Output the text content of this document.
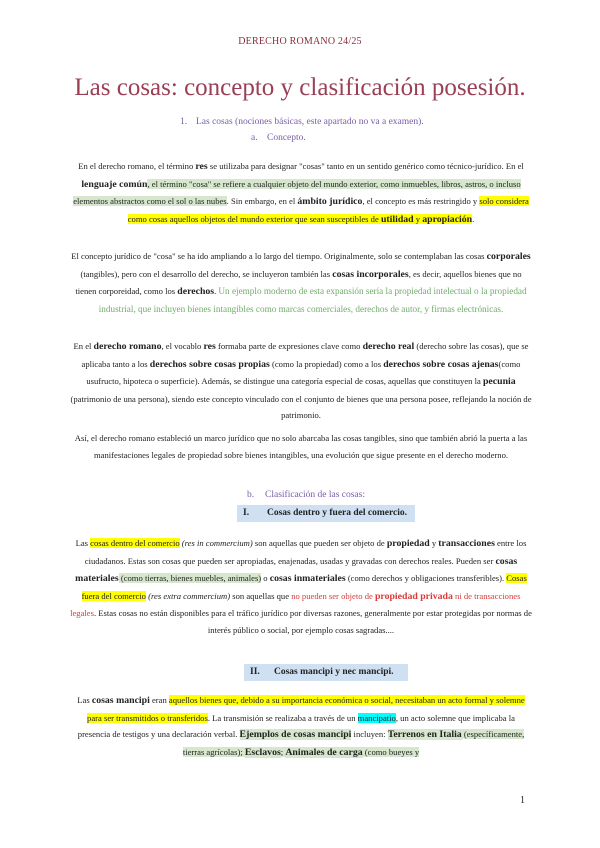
DERECHO ROMANO 24/25
Las cosas: concepto y clasificación posesión.
1. Las cosas (nociones básicas, este apartado no va a examen).
a. Concepto.

En el derecho romano, el término res se utilizaba para designar "cosas" tanto en un sentido genérico como técnico-jurídico. En el lenguaje común, el término "cosa" se refiere a cualquier objeto del mundo exterior, como inmuebles, libros, astros, o incluso elementos abstractos como el sol o las nubes. Sin embargo, en el ámbito jurídico, el concepto es más restringido y solo considera como cosas aquellos objetos del mundo exterior que sean susceptibles de utilidad y apropiación.

El concepto jurídico de "cosa" se ha ido ampliando a lo largo del tiempo. Originalmente, solo se contemplaban las cosas corporales (tangibles), pero con el desarrollo del derecho, se incluyeron también las cosas incorporales, es decir, aquellos bienes que no tienen corporeidad, como los derechos. Un ejemplo moderno de esta expansión sería la propiedad intelectual o la propiedad industrial, que incluyen bienes intangibles como marcas comerciales, derechos de autor, y firmas electrónicas.

En el derecho romano, el vocablo res formaba parte de expresiones clave como derecho real (derecho sobre las cosas), que se aplicaba tanto a los derechos sobre cosas propias (como la propiedad) como a los derechos sobre cosas ajenas(como usufructo, hipoteca o superficie). Además, se distingue una categoría especial de cosas, aquellas que constituyen la pecunia (patrimonio de una persona), siendo este concepto vinculado con el conjunto de bienes que una persona posee, reflejando la noción de patrimonio.

Así, el derecho romano estableció un marco jurídico que no solo abarcaba las cosas tangibles, sino que también abrió la puerta a las manifestaciones legales de propiedad sobre bienes intangibles, una evolución que sigue presente en el derecho moderno.

b. Clasificación de las cosas:
I. Cosas dentro y fuera del comercio.

Las cosas dentro del comercio (res in commercium) son aquellas que pueden ser objeto de propiedad y transacciones entre los ciudadanos. Estas son cosas que pueden ser apropiadas, enajenadas, usadas y gravadas con derechos reales. Pueden ser cosas materiales (como tierras, bienes muebles, animales) o cosas inmateriales (como derechos y obligaciones transferibles). Cosas fuera del comercio (res extra commercium) son aquellas que no pueden ser objeto de propiedad privada ni de transacciones legales. Estas cosas no están disponibles para el tráfico jurídico por diversas razones, generalmente por estar protegidas por normas de interés público o social, por ejemplo cosas sagradas....

II. Cosas mancipi y nec mancipi.

Las cosas mancipi eran aquellos bienes que, debido a su importancia económica o social, necesitaban un acto formal y solemne para ser transmitidos o transferidos. La transmisión se realizaba a través de un mancipatio, un acto solemne que implicaba la presencia de testigos y una declaración verbal. Ejemplos de cosas mancipi incluyen: Terrenos en Italia (específicamente, tierras agrícolas); Esclavos; Animales de carga (como bueyes y

1
